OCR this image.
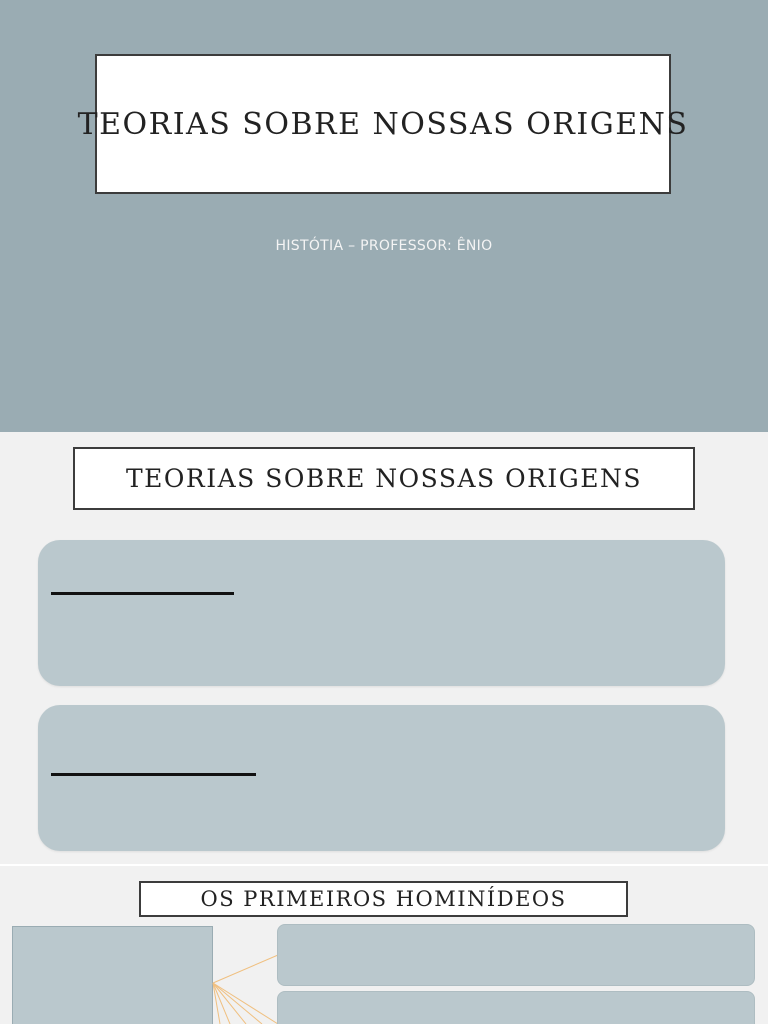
TEORIAS SOBRE NOSSAS ORIGENS
HISTÓTIA – PROFESSOR: ÊNIO
TEORIAS SOBRE NOSSAS ORIGENS
OS PRIMEIROS HOMINÍDEOS
